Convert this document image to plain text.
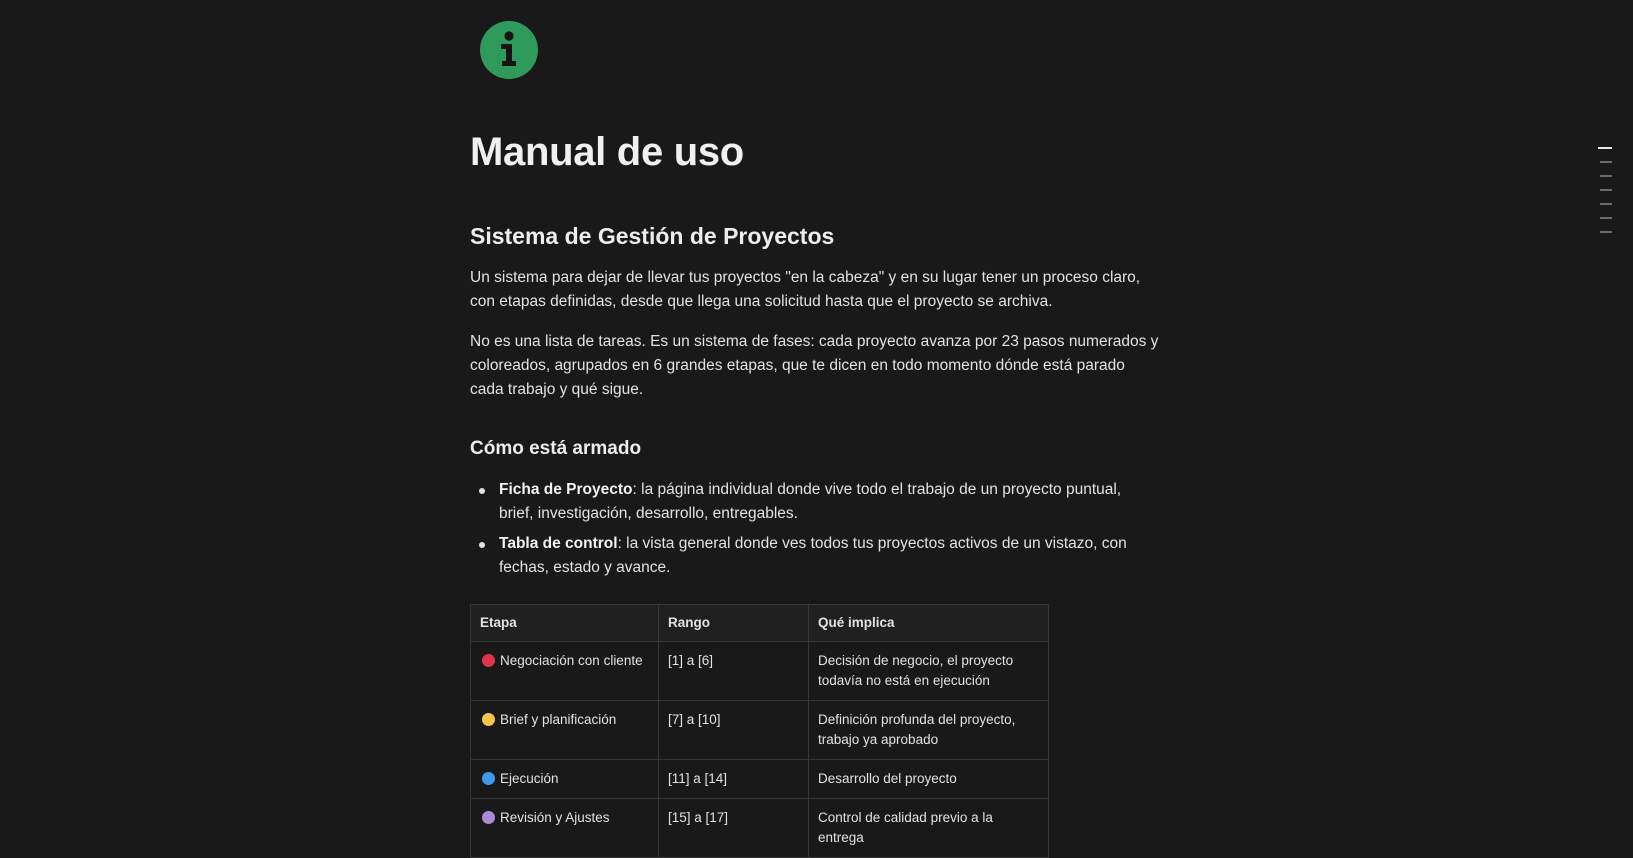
Manual de uso
Sistema de Gestión de Proyectos

Un sistema para dejar de llevar tus proyectos "en la cabeza" y en su lugar tener un proceso claro,
con etapas definidas, desde que llega una solicitud hasta que el proyecto se archiva.

No es una lista de tareas. Es un sistema de fases: cada proyecto avanza por 23 pasos numerados y
coloreados, agrupados en 6 grandes etapas, que te dicen en todo momento dónde está parado
cada trabajo y qué sigue.

Cómo está armado
Ficha de Proyecto: la página individual donde vive todo el trabajo de un proyecto puntual,
brief, investigación, desarrollo, entregables.
Tabla de control: la vista general donde ves todos tus proyectos activos de un vistazo, con
fechas, estado y avance.
Etapa	Rango	Qué implica
Negociación con cliente	[1] a [6]	Decisión de negocio, el proyecto
todavía no está en ejecución
Brief y planificación	[7] a [10]	Definición profunda del proyecto,
trabajo ya aprobado
Ejecución	[11] a [14]	Desarrollo del proyecto
Revisión y Ajustes	[15] a [17]	Control de calidad previo a la
entrega
